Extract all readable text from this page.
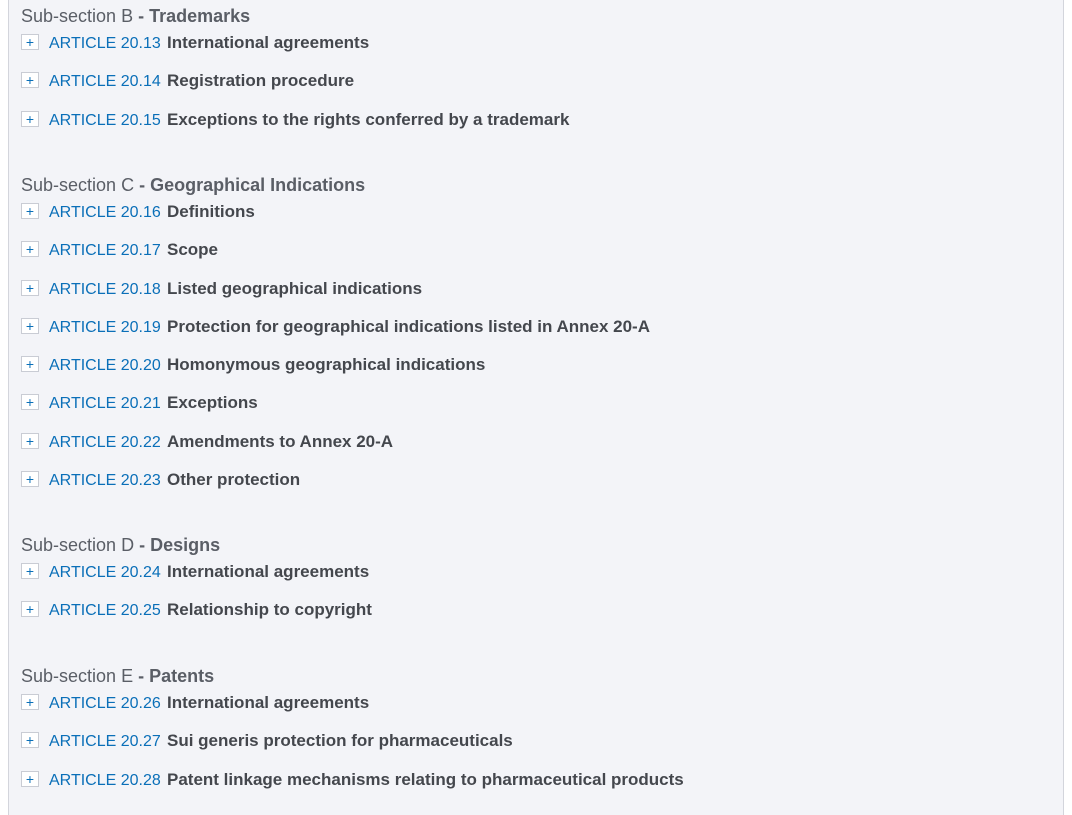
Sub-section B - Trademarks
+ ARTICLE 20.13 International agreements
+ ARTICLE 20.14 Registration procedure
+ ARTICLE 20.15 Exceptions to the rights conferred by a trademark
Sub-section C - Geographical Indications
+ ARTICLE 20.16 Definitions
+ ARTICLE 20.17 Scope
+ ARTICLE 20.18 Listed geographical indications
+ ARTICLE 20.19 Protection for geographical indications listed in Annex 20-A
+ ARTICLE 20.20 Homonymous geographical indications
+ ARTICLE 20.21 Exceptions
+ ARTICLE 20.22 Amendments to Annex 20-A
+ ARTICLE 20.23 Other protection
Sub-section D - Designs
+ ARTICLE 20.24 International agreements
+ ARTICLE 20.25 Relationship to copyright
Sub-section E - Patents
+ ARTICLE 20.26 International agreements
+ ARTICLE 20.27 Sui generis protection for pharmaceuticals
+ ARTICLE 20.28 Patent linkage mechanisms relating to pharmaceutical products
